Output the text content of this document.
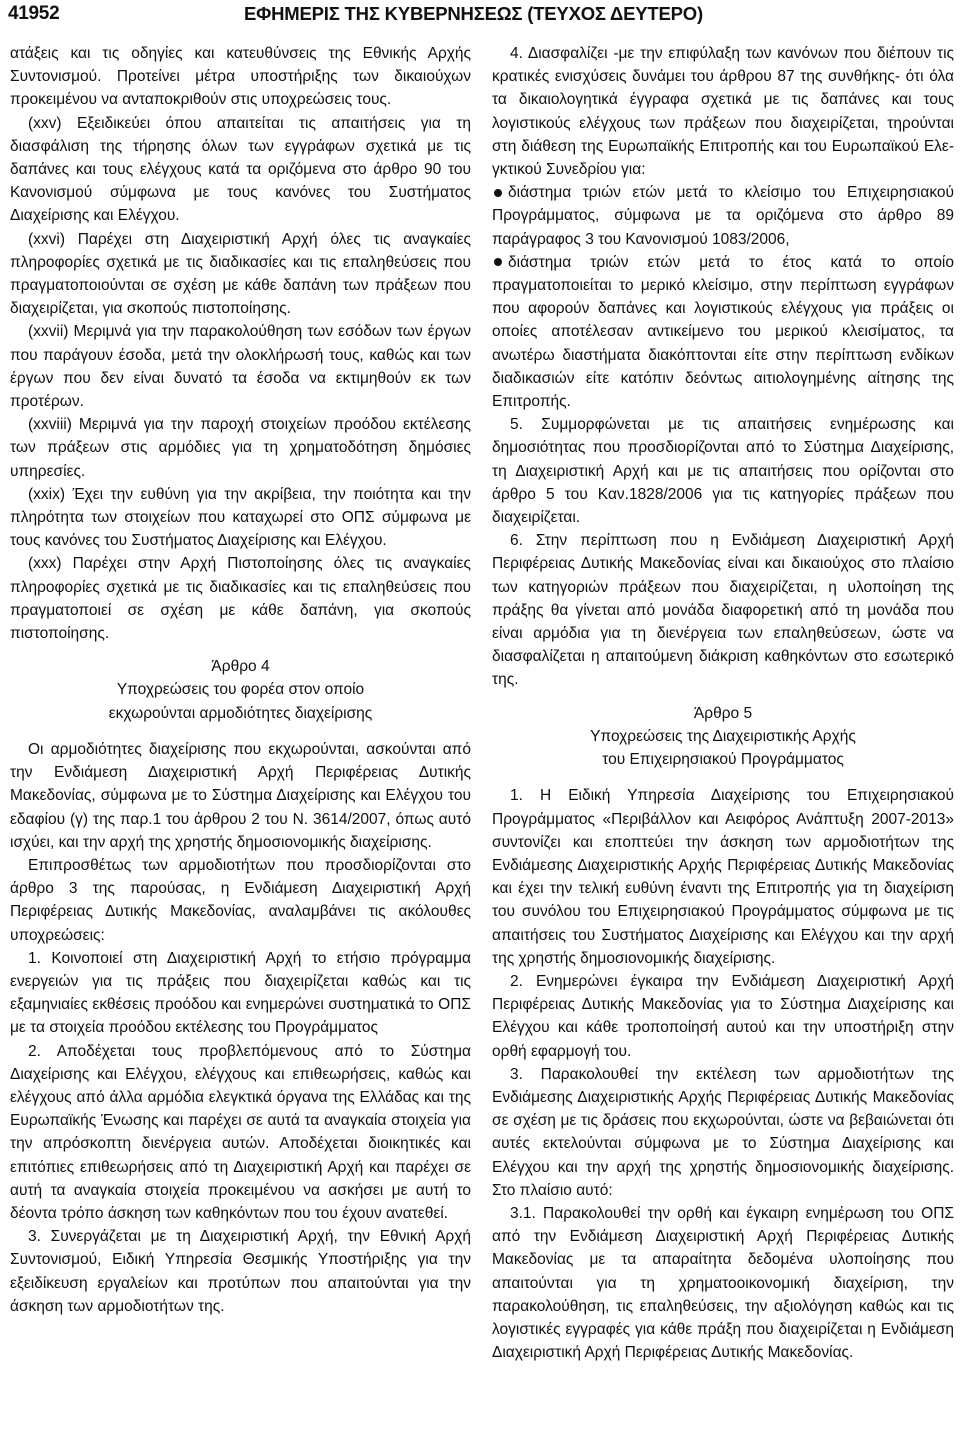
41952	ΕΦΗΜΕΡΙΣ ΤΗΣ ΚΥΒΕΡΝΗΣΕΩΣ (ΤΕΥΧΟΣ ΔΕΥΤΕΡΟ)

ατάξεις και τις οδηγίες και κατευθύνσεις της Εθνικής Αρχής Συντονισμού. Προτείνει μέτρα υποστήριξης των δικαιούχων προκειμένου να ανταποκριθούν στις υποχρεώσεις τους.

(xxv) Εξειδικεύει όπου απαιτείται τις απαιτήσεις για τη διασφάλιση της τήρησης όλων των εγγράφων σχετικά με τις δαπάνες και τους ελέγχους κατά τα οριζόμενα στο άρθρο 90 του Κανονισμού σύμφωνα με τους κανόνες του Συστήματος Διαχείρισης και Ελέγχου.

(xxvi) Παρέχει στη Διαχειριστική Αρχή όλες τις αναγκαίες πληροφορίες σχετικά με τις διαδικασίες και τις επαληθεύσεις που πραγματοποιούνται σε σχέση με κάθε δαπάνη των πράξεων που διαχειρίζεται, για σκοπούς πιστοποίησης.

(xxvii) Μεριμνά για την παρακολούθηση των εσόδων των έργων που παράγουν έσοδα, μετά την ολοκλήρωσή τους, καθώς και των έργων που δεν είναι δυνατό τα έσοδα να εκτιμηθούν εκ των προτέρων.

(xxviii) Μεριμνά για την παροχή στοιχείων προόδου εκτέλεσης των πράξεων στις αρμόδιες για τη χρηματοδότηση δημόσιες υπηρεσίες.

(xxix) Έχει την ευθύνη για την ακρίβεια, την ποιότητα και την πληρότητα των στοιχείων που καταχωρεί στο ΟΠΣ σύμφωνα με τους κανόνες του Συστήματος Διαχείρισης και Ελέγχου.

(xxx) Παρέχει στην Αρχή Πιστοποίησης όλες τις αναγκαίες πληροφορίες σχετικά με τις διαδικασίες και τις επαληθεύσεις που πραγματοποιεί σε σχέση με κάθε δαπάνη, για σκοπούς πιστοποίησης.

Άρθρο 4

Υποχρεώσεις του φορέα στον οποίο

εκχωρούνται αρμοδιότητες διαχείρισης

Οι αρμοδιότητες διαχείρισης που εκχωρούνται, ασκούνται από την Ενδιάμεση Διαχειριστική Αρχή Περιφέρειας Δυτικής Μακεδονίας, σύμφωνα με το Σύστημα Διαχείρισης και Ελέγχου του εδαφίου (γ) της παρ.1 του άρθρου 2 του Ν. 3614/2007, όπως αυτό ισχύει, και την αρχή της χρηστής δημοσιονομικής διαχείρισης.

Επιπροσθέτως των αρμοδιοτήτων που προσδιορίζονται στο άρθρο 3 της παρούσας, η Ενδιάμεση Διαχειριστική Αρχή Περιφέρειας Δυτικής Μακεδονίας, αναλαμβάνει τις ακόλουθες υποχρεώσεις:

1. Κοινοποιεί στη Διαχειριστική Αρχή το ετήσιο πρόγραμμα ενεργειών για τις πράξεις που διαχειρίζεται καθώς και τις εξαμηνιαίες εκθέσεις προόδου και ενημερώνει συστηματικά το ΟΠΣ με τα στοιχεία προόδου εκτέλεσης του Προγράμματος

2. Αποδέχεται τους προβλεπόμενους από το Σύστημα Διαχείρισης και Ελέγχου, ελέγχους και επιθεωρήσεις, καθώς και ελέγχους από άλλα αρμόδια ελεγκτικά όργανα της Ελλάδας και της Ευρωπαϊκής Ένωσης και παρέχει σε αυτά τα αναγκαία στοιχεία για την απρόσκοπτη διενέργεια αυτών. Αποδέχεται διοικητικές και επιτόπιες επιθεωρήσεις από τη Διαχειριστική Αρχή και παρέχει σε αυτή τα αναγκαία στοιχεία προκειμένου να ασκήσει με αυτή το δέοντα τρόπο άσκηση των καθηκόντων που του έχουν ανατεθεί.

3. Συνεργάζεται με τη Διαχειριστική Αρχή, την Εθνική Αρχή Συντονισμού, Ειδική Υπηρεσία Θεσμικής Υποστήριξης για την εξειδίκευση εργαλείων και προτύπων που απαιτούνται για την άσκηση των αρμοδιοτήτων της.

4. Διασφαλίζει -με την επιφύλαξη των κανόνων που διέπουν τις κρατικές ενισχύσεις δυνάμει του άρθρου 87 της συνθήκης- ότι όλα τα δικαιολογητικά έγγραφα σχετικά με τις δαπάνες και τους λογιστικούς ελέγχους των πράξεων που διαχειρίζεται, τηρούνται στη διάθεση της Ευρωπαϊκής Επιτροπής και του Ευρωπαϊκού Ελεγκτικού Συνεδρίου για:

διάστημα τριών ετών μετά το κλείσιμο του Επιχειρησιακού Προγράμματος, σύμφωνα με τα οριζόμενα στο άρθρο 89 παράγραφος 3 του Κανονισμού 1083/2006,

διάστημα τριών ετών μετά το έτος κατά το οποίο πραγματοποιείται το μερικό κλείσιμο, στην περίπτωση εγγράφων που αφορούν δαπάνες και λογιστικούς ελέγχους για πράξεις οι οποίες αποτέλεσαν αντικείμενο του μερικού κλεισίματος, τα ανωτέρω διαστήματα διακόπτονται είτε στην περίπτωση ενδίκων διαδικασιών είτε κατόπιν δεόντως αιτιολογημένης αίτησης της Επιτροπής.

5. Συμμορφώνεται με τις απαιτήσεις ενημέρωσης και δημοσιότητας που προσδιορίζονται από το Σύστημα Διαχείρισης, τη Διαχειριστική Αρχή και με τις απαιτήσεις που ορίζονται στο άρθρο 5 του Καν.1828/2006 για τις κατηγορίες πράξεων που διαχειρίζεται.

6. Στην περίπτωση που η Ενδιάμεση Διαχειριστική Αρχή Περιφέρειας Δυτικής Μακεδονίας είναι και δικαιούχος στο πλαίσιο των κατηγοριών πράξεων που διαχειρίζεται, η υλοποίηση της πράξης θα γίνεται από μονάδα διαφορετική από τη μονάδα που είναι αρμόδια για τη διενέργεια των επαληθεύσεων, ώστε να διασφαλίζεται η απαιτούμενη διάκριση καθηκόντων στο εσωτερικό της.

Άρθρο 5

Υποχρεώσεις της Διαχειριστικής Αρχής

του Επιχειρησιακού Προγράμματος

1. Η Ειδική Υπηρεσία Διαχείρισης του Επιχειρησιακού Προγράμματος «Περιβάλλον και Αειφόρος Ανάπτυξη 2007-2013» συντονίζει και εποπτεύει την άσκηση των αρμοδιοτήτων της Ενδιάμεσης Διαχειριστικής Αρχής Περιφέρειας Δυτικής Μακεδονίας και έχει την τελική ευθύνη έναντι της Επιτροπής για τη διαχείριση του συνόλου του Επιχειρησιακού Προγράμματος σύμφωνα με τις απαιτήσεις του Συστήματος Διαχείρισης και Ελέγχου και την αρχή της χρηστής δημοσιονομικής διαχείρισης.

2. Ενημερώνει έγκαιρα την Ενδιάμεση Διαχειριστική Αρχή Περιφέρειας Δυτικής Μακεδονίας για το Σύστημα Διαχείρισης και Ελέγχου και κάθε τροποποίησή αυτού και την υποστήριξη στην ορθή εφαρμογή του.

3. Παρακολουθεί την εκτέλεση των αρμοδιοτήτων της Ενδιάμεσης Διαχειριστικής Αρχής Περιφέρειας Δυτικής Μακεδονίας σε σχέση με τις δράσεις που εκχωρούνται, ώστε να βεβαιώνεται ότι αυτές εκτελούνται σύμφωνα με το Σύστημα Διαχείρισης και Ελέγχου και την αρχή της χρηστής δημοσιονομικής διαχείρισης. Στο πλαίσιο αυτό:

3.1. Παρακολουθεί την ορθή και έγκαιρη ενημέρωση του ΟΠΣ από την Ενδιάμεση Διαχειριστική Αρχή Περιφέρειας Δυτικής Μακεδονίας με τα απαραίτητα δεδομένα υλοποίησης που απαιτούνται για τη χρηματοοικονομική διαχείριση, την παρακολούθηση, τις επαληθεύσεις, την αξιολόγηση καθώς και τις λογιστικές εγγραφές για κάθε πράξη που διαχειρίζεται η Ενδιάμεση Διαχειριστική Αρχή Περιφέρειας Δυτικής Μακεδονίας.
